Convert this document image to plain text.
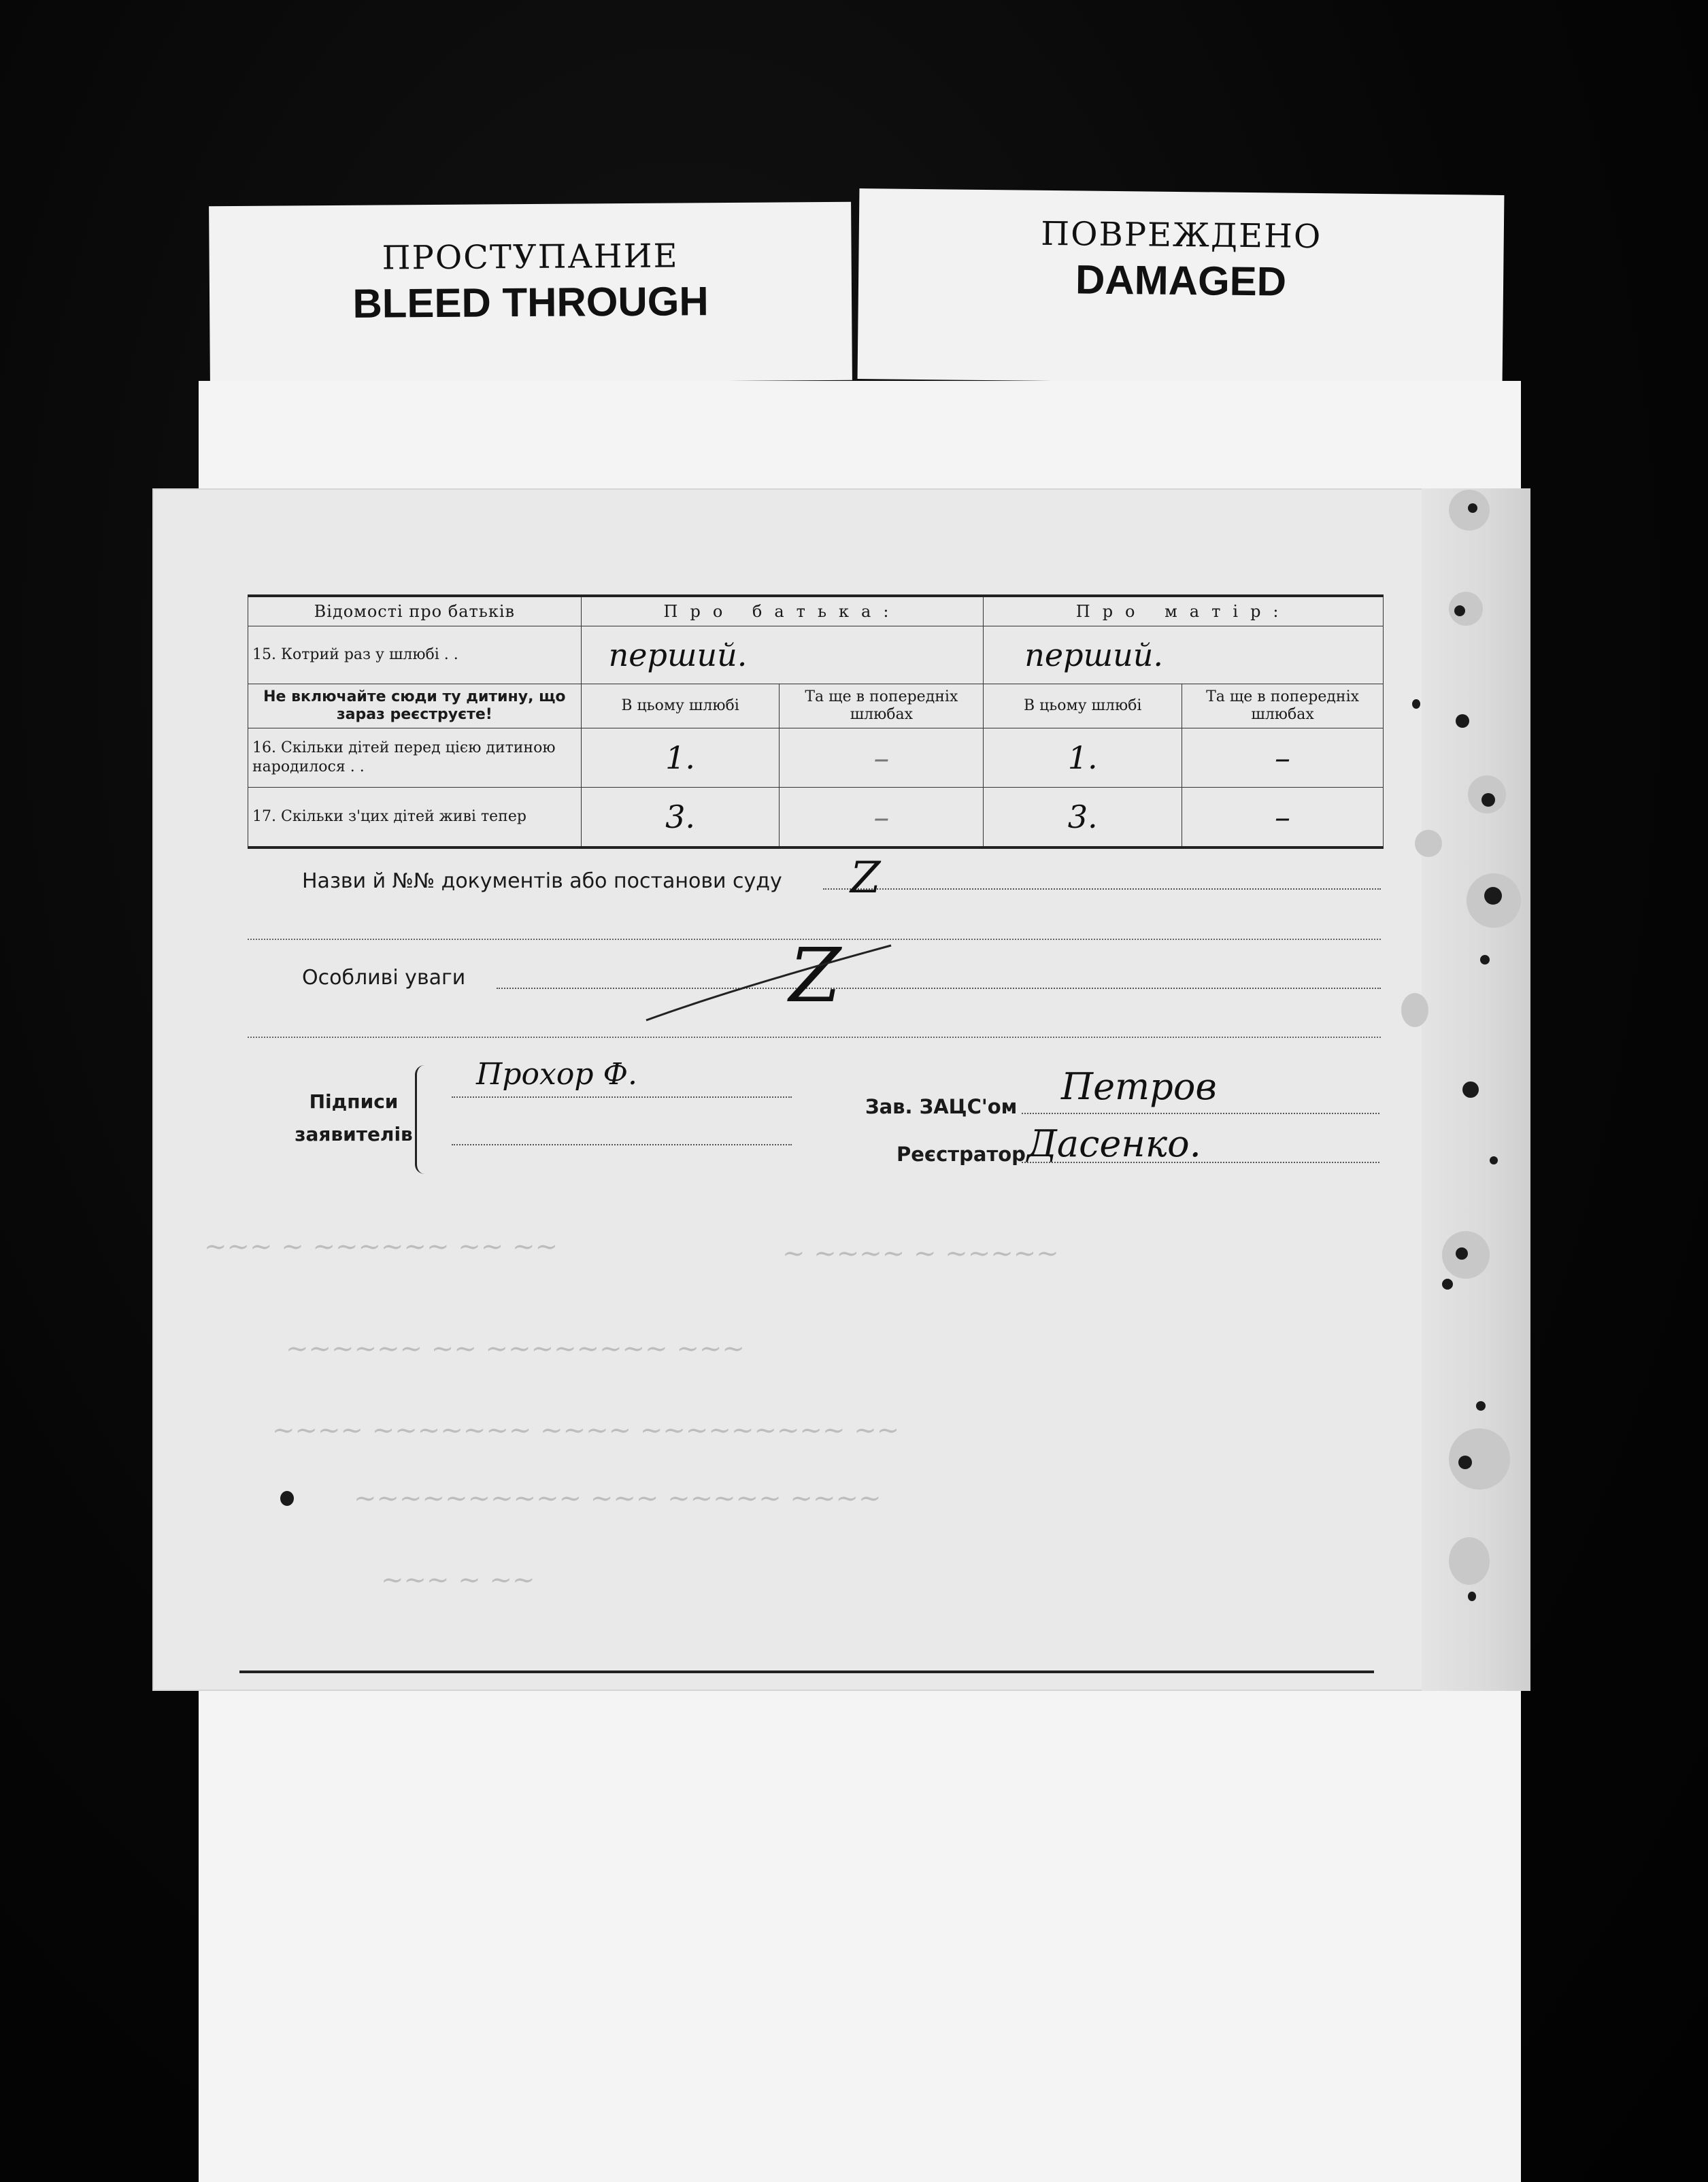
ПРОСТУПАНИЕ
BLEED THROUGH
ПОВРЕЖДЕНО
DAMAGED
~~~ ~ ~~~~~~ ~~ ~~	~ ~~~~ ~ ~~~~~
~~~~~~ ~~ ~~~~~~~~ ~~~
~~~~ ~~~~~~~ ~~~~ ~~~~~~~~~ ~~
~~~~~~~~~~ ~~~ ~~~~~ ~~~~
~~~ ~ ~~
Відомості про батьків	Про батька:		Про матір:	
15. Котрий раз у шлюбі . .	перший.		перший.	
Не включайте сюди ту дитину, що зараз реєструєте!	В цьому шлюбі	Та ще в попередніх шлюбах	В цьому шлюбі	Та ще в попередніх шлюбах
16. Скільки дітей перед цією дитиною народилося . .	1.	–	1.	–
17. Скільки з'цих дітей живі тепер	3.	–	3.	–
Назви й №№ документів або постанови суду Z
Особливі уваги	Z
Підписи заявителів
Прохор Ф.
Зав. ЗАЦС'ом Петров
Реєстратор Дасенко.
